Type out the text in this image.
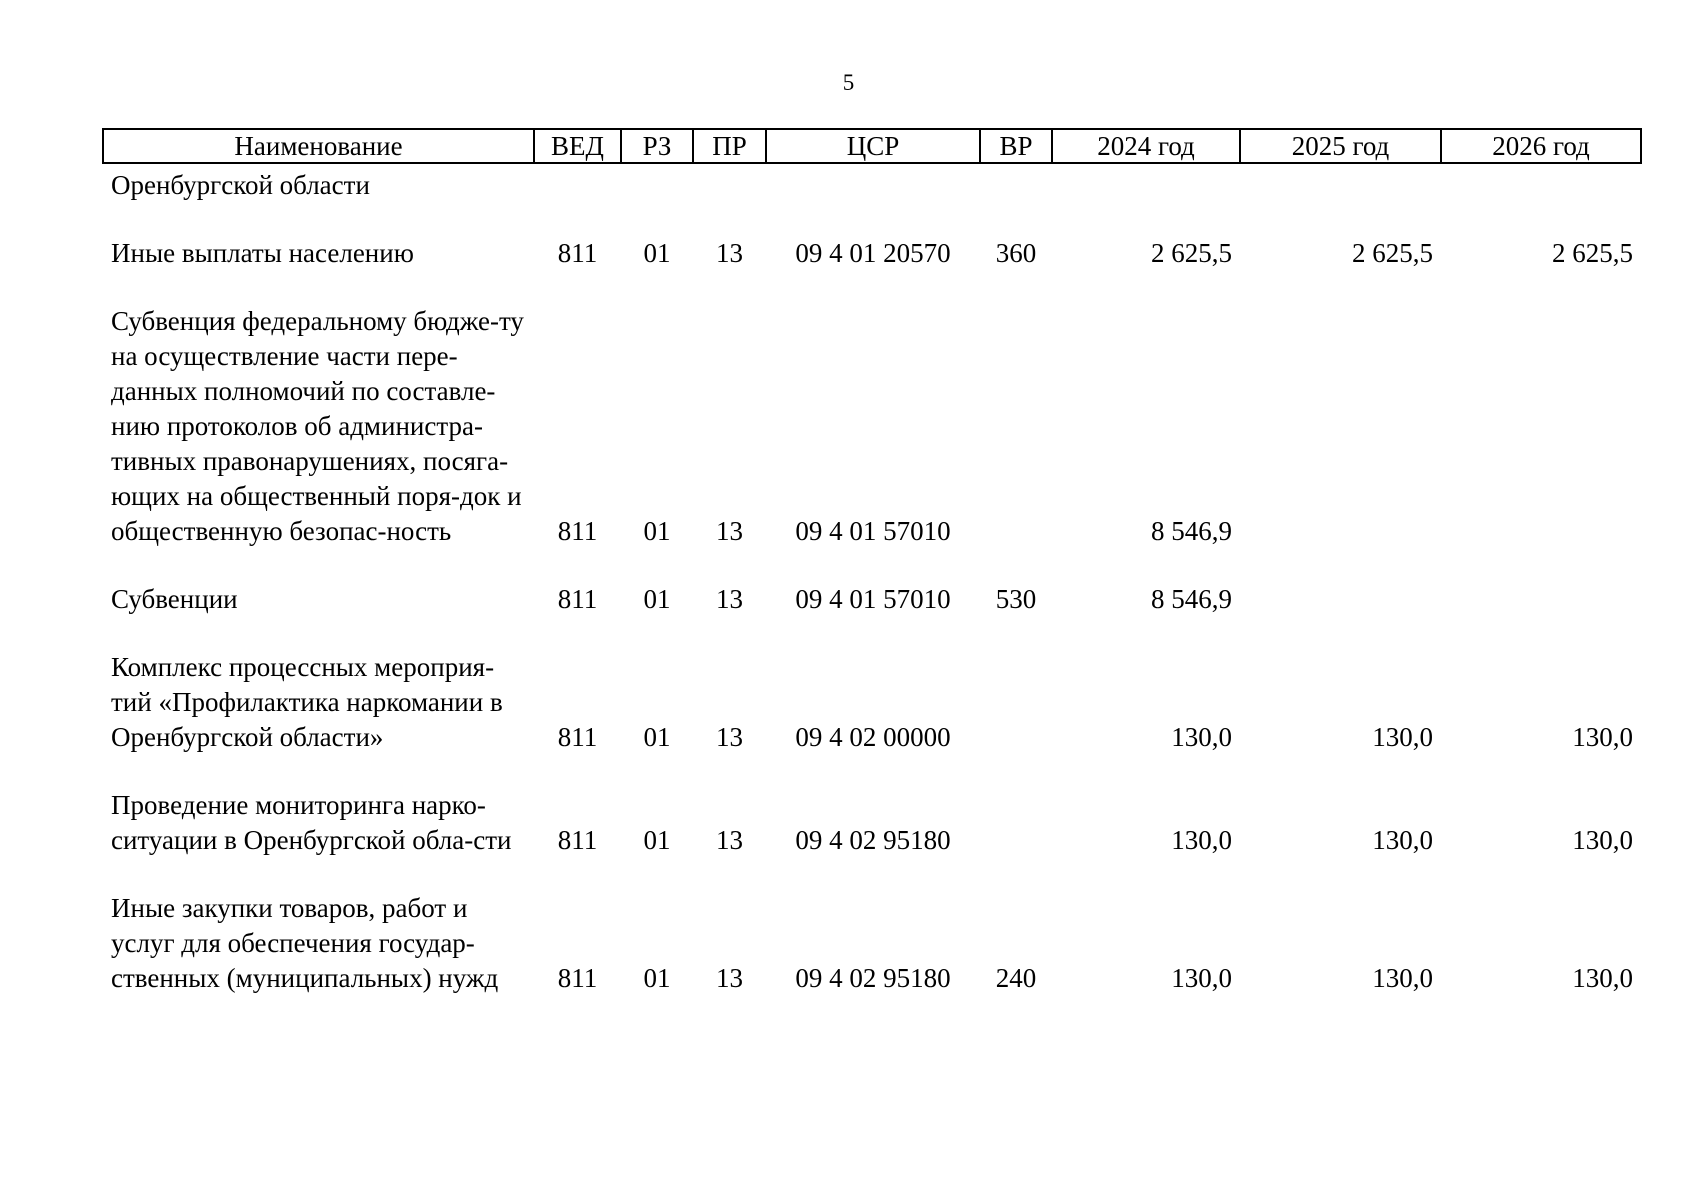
5
Наименование	ВЕД	РЗ	ПР	ЦСР	ВР	2024 год	2025 год	2026 год
Оренбургской области								

Иные выплаты населению	811	01	13	09 4 01 20570	360	2 625,5	2 625,5	2 625,5

Субвенция федеральному бюдже-ту на осуществление части пере-данных полномочий по составле-нию протоколов об администра-тивных правонарушениях, посяга-ющих на общественный поря-док и общественную безопас-ность	811	01	13	09 4 01 57010		8 546,9		

Субвенции	811	01	13	09 4 01 57010	530	8 546,9		

Комплекс процессных мероприя-тий «Профилактика наркомании в Оренбургской области»	811	01	13	09 4 02 00000		130,0	130,0	130,0

Проведение мониторинга нарко-ситуации в Оренбургской обла-сти	811	01	13	09 4 02 95180		130,0	130,0	130,0

Иные закупки товаров, работ и услуг для обеспечения государ-ственных (муниципальных) нужд	811	01	13	09 4 02 95180	240	130,0	130,0	130,0
